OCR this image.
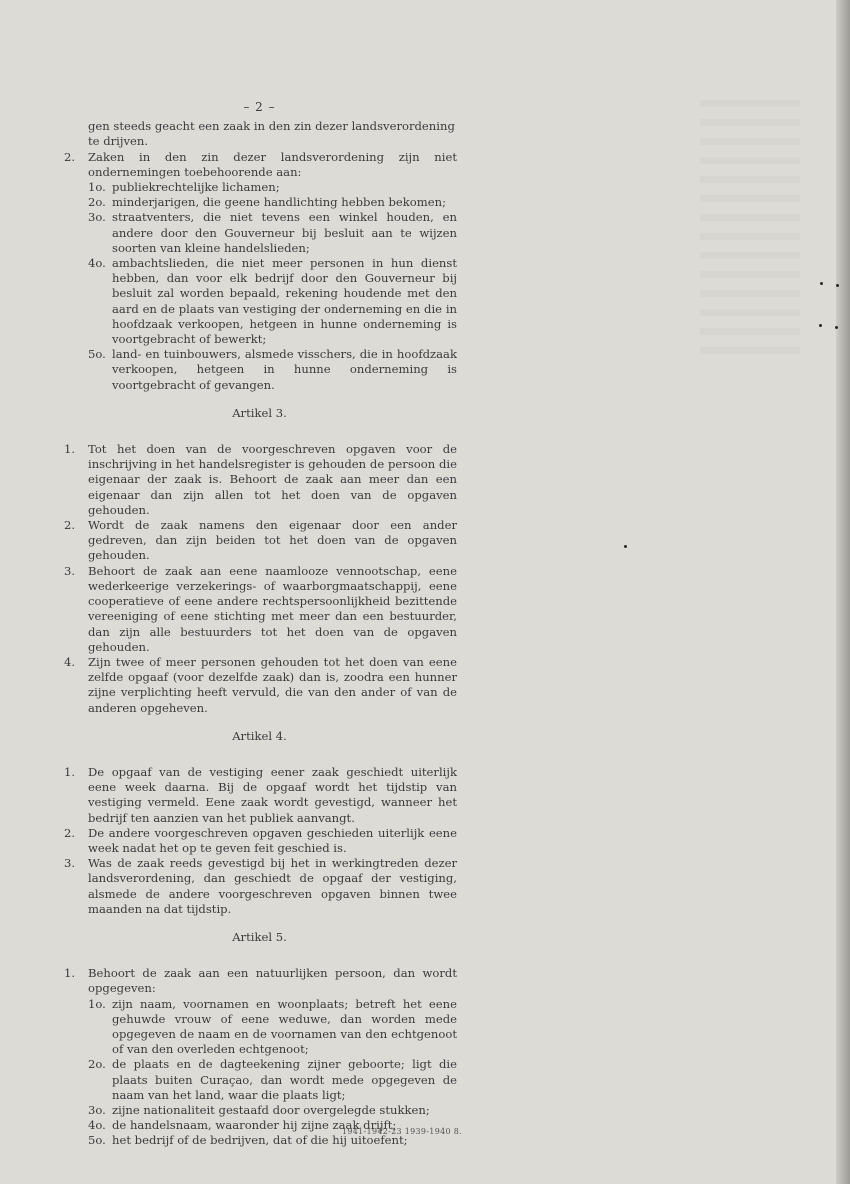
– 2 –
gen steeds geacht een zaak in den zin dezer landsverordening
te drijven.
2. Zaken in den zin dezer landsverordening zijn niet ondernemingen toebehoorende aan:
1o. publiekrechtelijke lichamen;
2o. minderjarigen, die geene handlichting hebben bekomen;
3o. straatventers, die niet tevens een winkel houden, en andere door den Gouverneur bij besluit aan te wijzen soorten van kleine handelslieden;
4o. ambachtslieden, die niet meer personen in hun dienst hebben, dan voor elk bedrijf door den Gouverneur bij besluit zal worden bepaald, rekening houdende met den aard en de plaats van vestiging der onderneming en die in hoofdzaak verkoopen, hetgeen in hunne onderneming is voortgebracht of bewerkt;
5o. land- en tuinbouwers, alsmede visschers, die in hoofdzaak verkoopen, hetgeen in hunne onderneming is voortgebracht of gevangen.
Artikel 3.
1. Tot het doen van de voorgeschreven opgaven voor de inschrijving in het handelsregister is gehouden de persoon die eigenaar der zaak is. Behoort de zaak aan meer dan een eigenaar dan zijn allen tot het doen van de opgaven gehouden.
2. Wordt de zaak namens den eigenaar door een ander gedreven, dan zijn beiden tot het doen van de opgaven gehouden.
3. Behoort de zaak aan eene naamlooze vennootschap, eene wederkeerige verzekerings- of waarborgmaatschappij, eene cooperatieve of eene andere rechtspersoonlijkheid bezittende vereeniging of eene stichting met meer dan een bestuurder, dan zijn alle bestuurders tot het doen van de opgaven gehouden.
4. Zijn twee of meer personen gehouden tot het doen van eene zelfde opgaaf (voor dezelfde zaak) dan is, zoodra een hunner zijne verplichting heeft vervuld, die van den ander of van de anderen opgeheven.
Artikel 4.
1. De opgaaf van de vestiging eener zaak geschiedt uiterlijk eene week daarna. Bij de opgaaf wordt het tijdstip van vestiging vermeld. Eene zaak wordt gevestigd, wanneer het bedrijf ten aanzien van het publiek aanvangt.
2. De andere voorgeschreven opgaven geschieden uiterlijk eene week nadat het op te geven feit geschied is.
3. Was de zaak reeds gevestigd bij het in werkingtreden dezer landsverordening, dan geschiedt de opgaaf der vestiging, alsmede de andere voorgeschreven opgaven binnen twee maanden na dat tijdstip.
Artikel 5.
1. Behoort de zaak aan een natuurlijken persoon, dan wordt opgegeven:
1o. zijn naam, voornamen en woonplaats; betreft het eene gehuwde vrouw of eene weduwe, dan worden mede opgegeven de naam en de voornamen van den echtgenoot of van den overleden echtgenoot;
2o. de plaats en de dagteekening zijner geboorte; ligt die plaats buiten Curaçao, dan wordt mede opgegeven de naam van het land, waar die plaats ligt;
3o. zijne nationaliteit gestaafd door overgelegde stukken;
4o. de handelsnaam, waaronder hij zijne zaak drijft;
5o. het bedrijf of de bedrijven, dat of die hij uitoefent;
1941-1942-23 1939-1940 8.
